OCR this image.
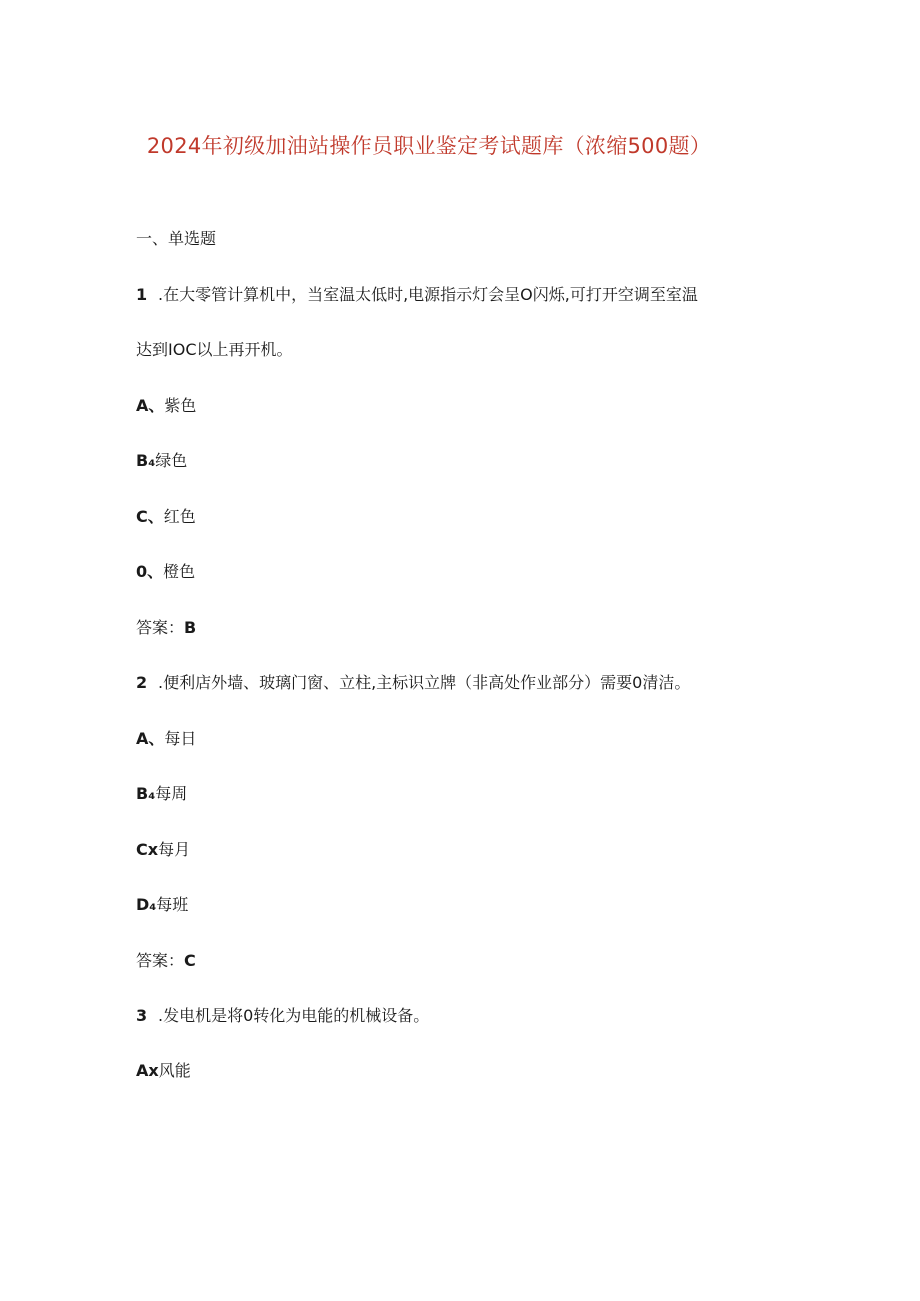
2024年初级加油站操作员职业鉴定考试题库（浓缩500题）
一、单选题
1 .在大零管计算机中，当室温太低时,电源指示灯会呈O闪烁,可打开空调至室温
达到IOC以上再开机。
A、紫色
B₄绿色
C、红色
0、橙色
答案：B
2 .便利店外墙、玻璃门窗、立柱,主标识立牌（非高处作业部分）需要0清洁。
A、每日
B₄每周
Cx每月
D₄每班
答案：C
3 .发电机是将0转化为电能的机械设备。
Ax风能
